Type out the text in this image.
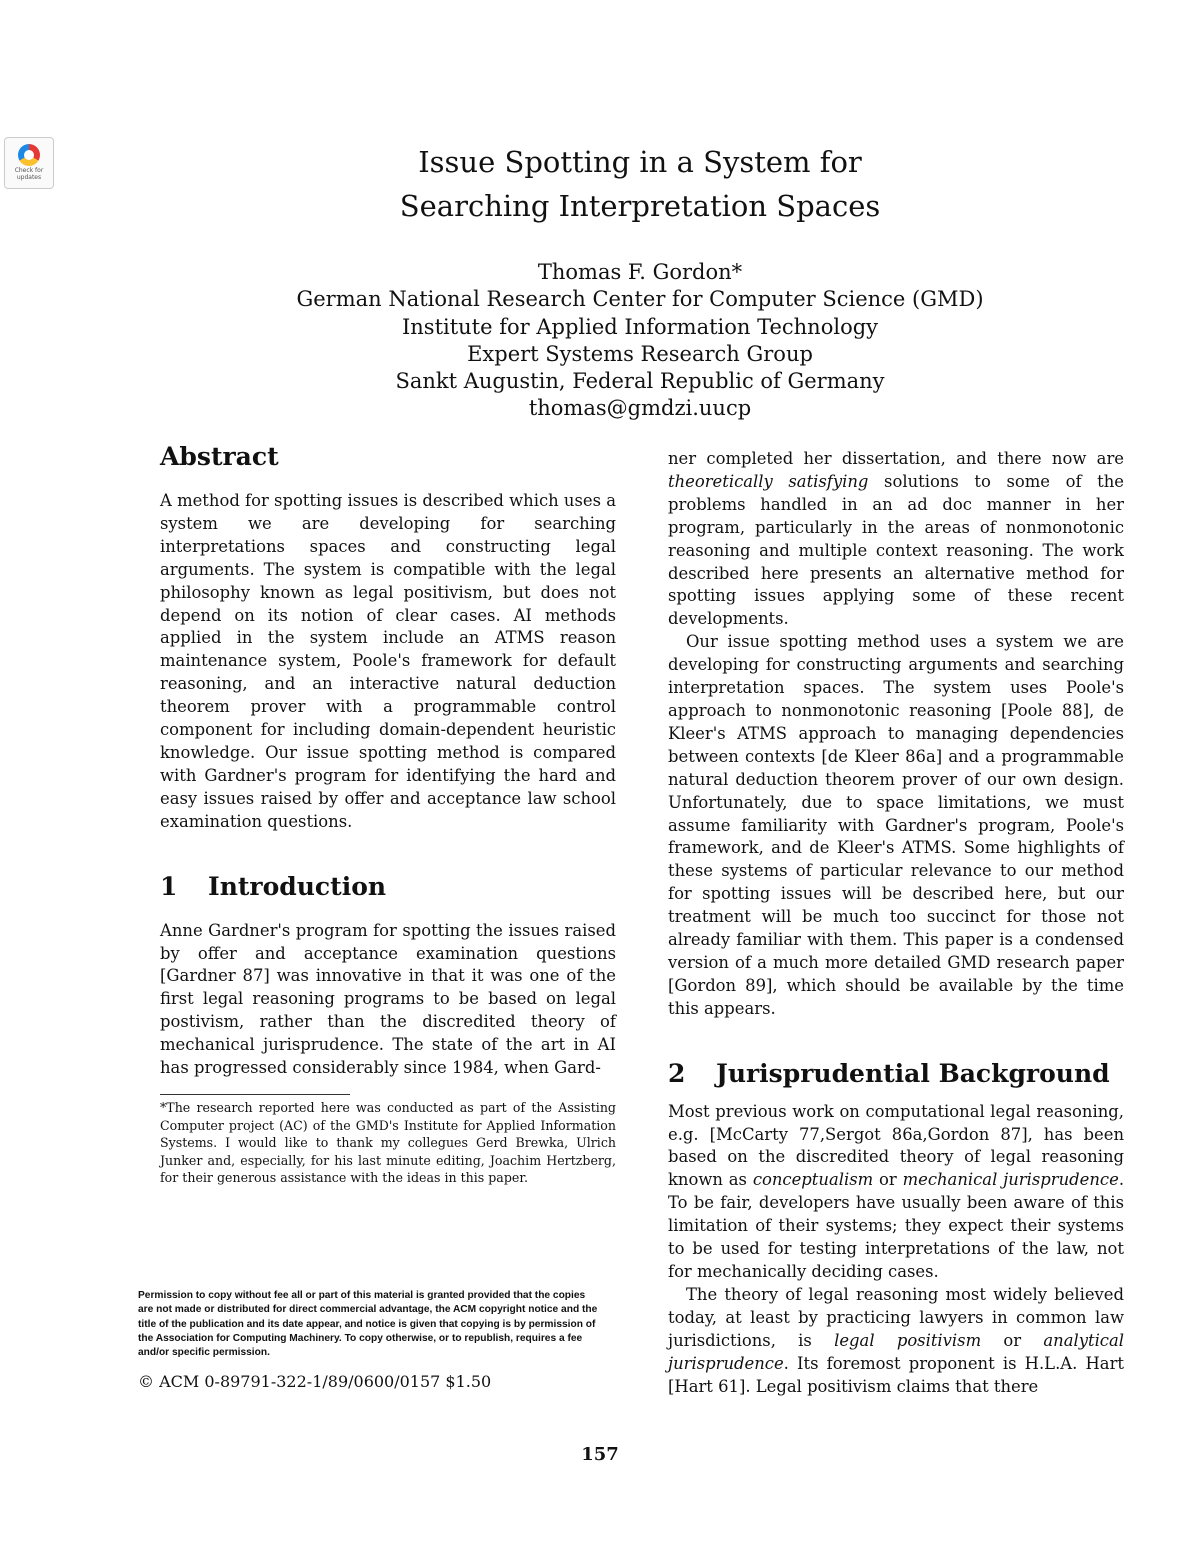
Check for updates	Issue Spotting in a System for
Searching Interpretation Spaces
Thomas F. Gordon*
German National Research Center for Computer Science (GMD)
Institute for Applied Information Technology
Expert Systems Research Group
Sankt Augustin, Federal Republic of Germany
thomas@gmdzi.uucp
Abstract

A method for spotting issues is described which uses a system we are developing for searching interpretations spaces and constructing legal arguments. The system is compatible with the legal philosophy known as legal positivism, but does not depend on its notion of clear cases. AI methods applied in the system include an ATMS reason maintenance system, Poole's framework for default reasoning, and an interactive natural deduction theorem prover with a programmable control component for including domain-dependent heuristic knowledge. Our issue spotting method is compared with Gardner's program for identifying the hard and easy issues raised by offer and acceptance law school examination questions.

1 Introduction

Anne Gardner's program for spotting the issues raised by offer and acceptance examination questions [Gardner 87] was innovative in that it was one of the first legal reasoning programs to be based on legal postivism, rather than the discredited theory of mechanical jurisprudence. The state of the art in AI has progressed considerably since 1984, when Gard-

*The research reported here was conducted as part of the Assisting Computer project (AC) of the GMD's Institute for Applied Information Systems. I would like to thank my collegues Gerd Brewka, Ulrich Junker and, especially, for his last minute editing, Joachim Hertzberg, for their generous assistance with the ideas in this paper.
Permission to copy without fee all or part of this material is granted provided that the copies are not made or distributed for direct commercial advantage, the ACM copyright notice and the title of the publication and its date appear, and notice is given that copying is by permission of the Association for Computing Machinery. To copy otherwise, or to republish, requires a fee and/or specific permission.
© ACM 0-89791-322-1/89/0600/0157 $1.50

ner completed her dissertation, and there now are theoretically satisfying solutions to some of the problems handled in an ad doc manner in her program, particularly in the areas of nonmonotonic reasoning and multiple context reasoning. The work described here presents an alternative method for spotting issues applying some of these recent developments.

Our issue spotting method uses a system we are developing for constructing arguments and searching interpretation spaces. The system uses Poole's approach to nonmonotonic reasoning [Poole 88], de Kleer's ATMS approach to managing dependencies between contexts [de Kleer 86a] and a programmable natural deduction theorem prover of our own design. Unfortunately, due to space limitations, we must assume familiarity with Gardner's program, Poole's framework, and de Kleer's ATMS. Some highlights of these systems of particular relevance to our method for spotting issues will be described here, but our treatment will be much too succinct for those not already familiar with them. This paper is a condensed version of a much more detailed GMD research paper [Gordon 89], which should be available by the time this appears.

2 Jurisprudential Background

Most previous work on computational legal reasoning, e.g. [McCarty 77,Sergot 86a,Gordon 87], has been based on the discredited theory of legal reasoning known as conceptualism or mechanical jurisprudence. To be fair, developers have usually been aware of this limitation of their systems; they expect their systems to be used for testing interpretations of the law, not for mechanically deciding cases.

The theory of legal reasoning most widely believed today, at least by practicing lawyers in common law jurisdictions, is legal positivism or analytical jurisprudence. Its foremost proponent is H.L.A. Hart [Hart 61]. Legal positivism claims that there

157
